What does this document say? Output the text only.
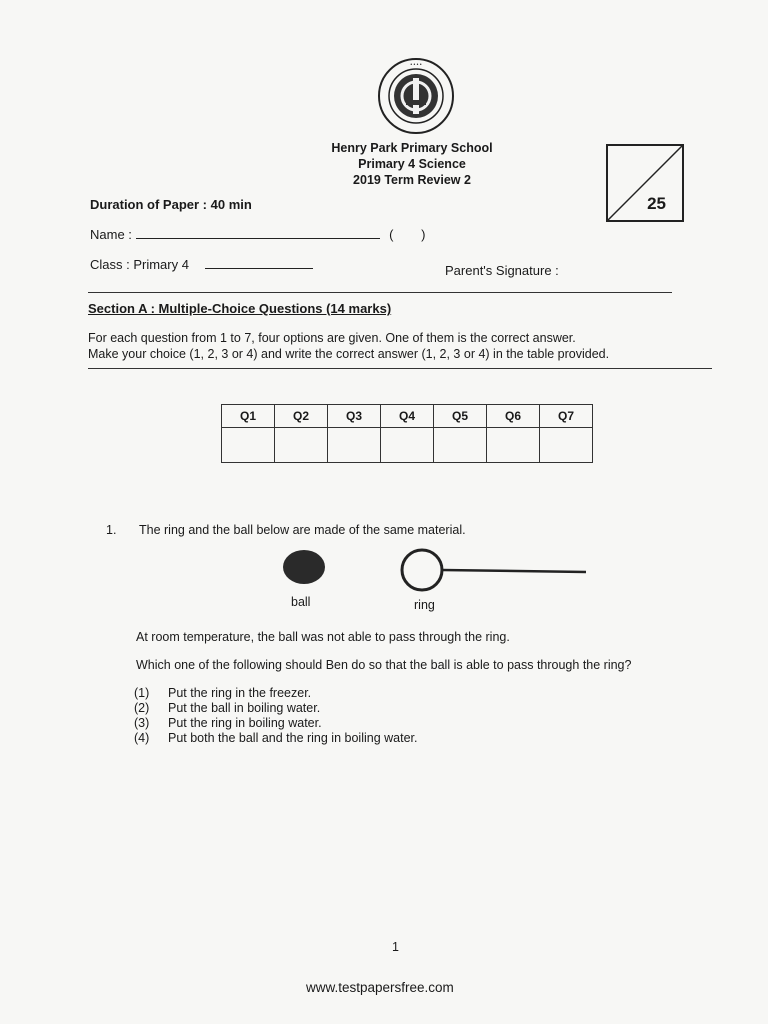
• • • •
Henry Park Primary School
Primary 4 Science
2019 Term Review 2
25
Duration of Paper : 40 min
Name :	( )
Class : Primary 4	Parent's Signature :
Section A : Multiple-Choice Questions (14 marks)
For each question from 1 to 7, four options are given. One of them is the correct answer.
Make your choice (1, 2, 3 or 4) and write the correct answer (1, 2, 3 or 4) in the table provided.
Q1	Q2	Q3	Q4	Q5	Q6	Q7

1. The ring and the ball below are made of the same material.
ball	ring
At room temperature, the ball was not able to pass through the ring.
Which one of the following should Ben do so that the ball is able to pass through the ring?
(1) Put the ring in the freezer.
(2) Put the ball in boiling water.
(3) Put the ring in boiling water.
(4) Put both the ball and the ring in boiling water.
1
www.testpapersfree.com
